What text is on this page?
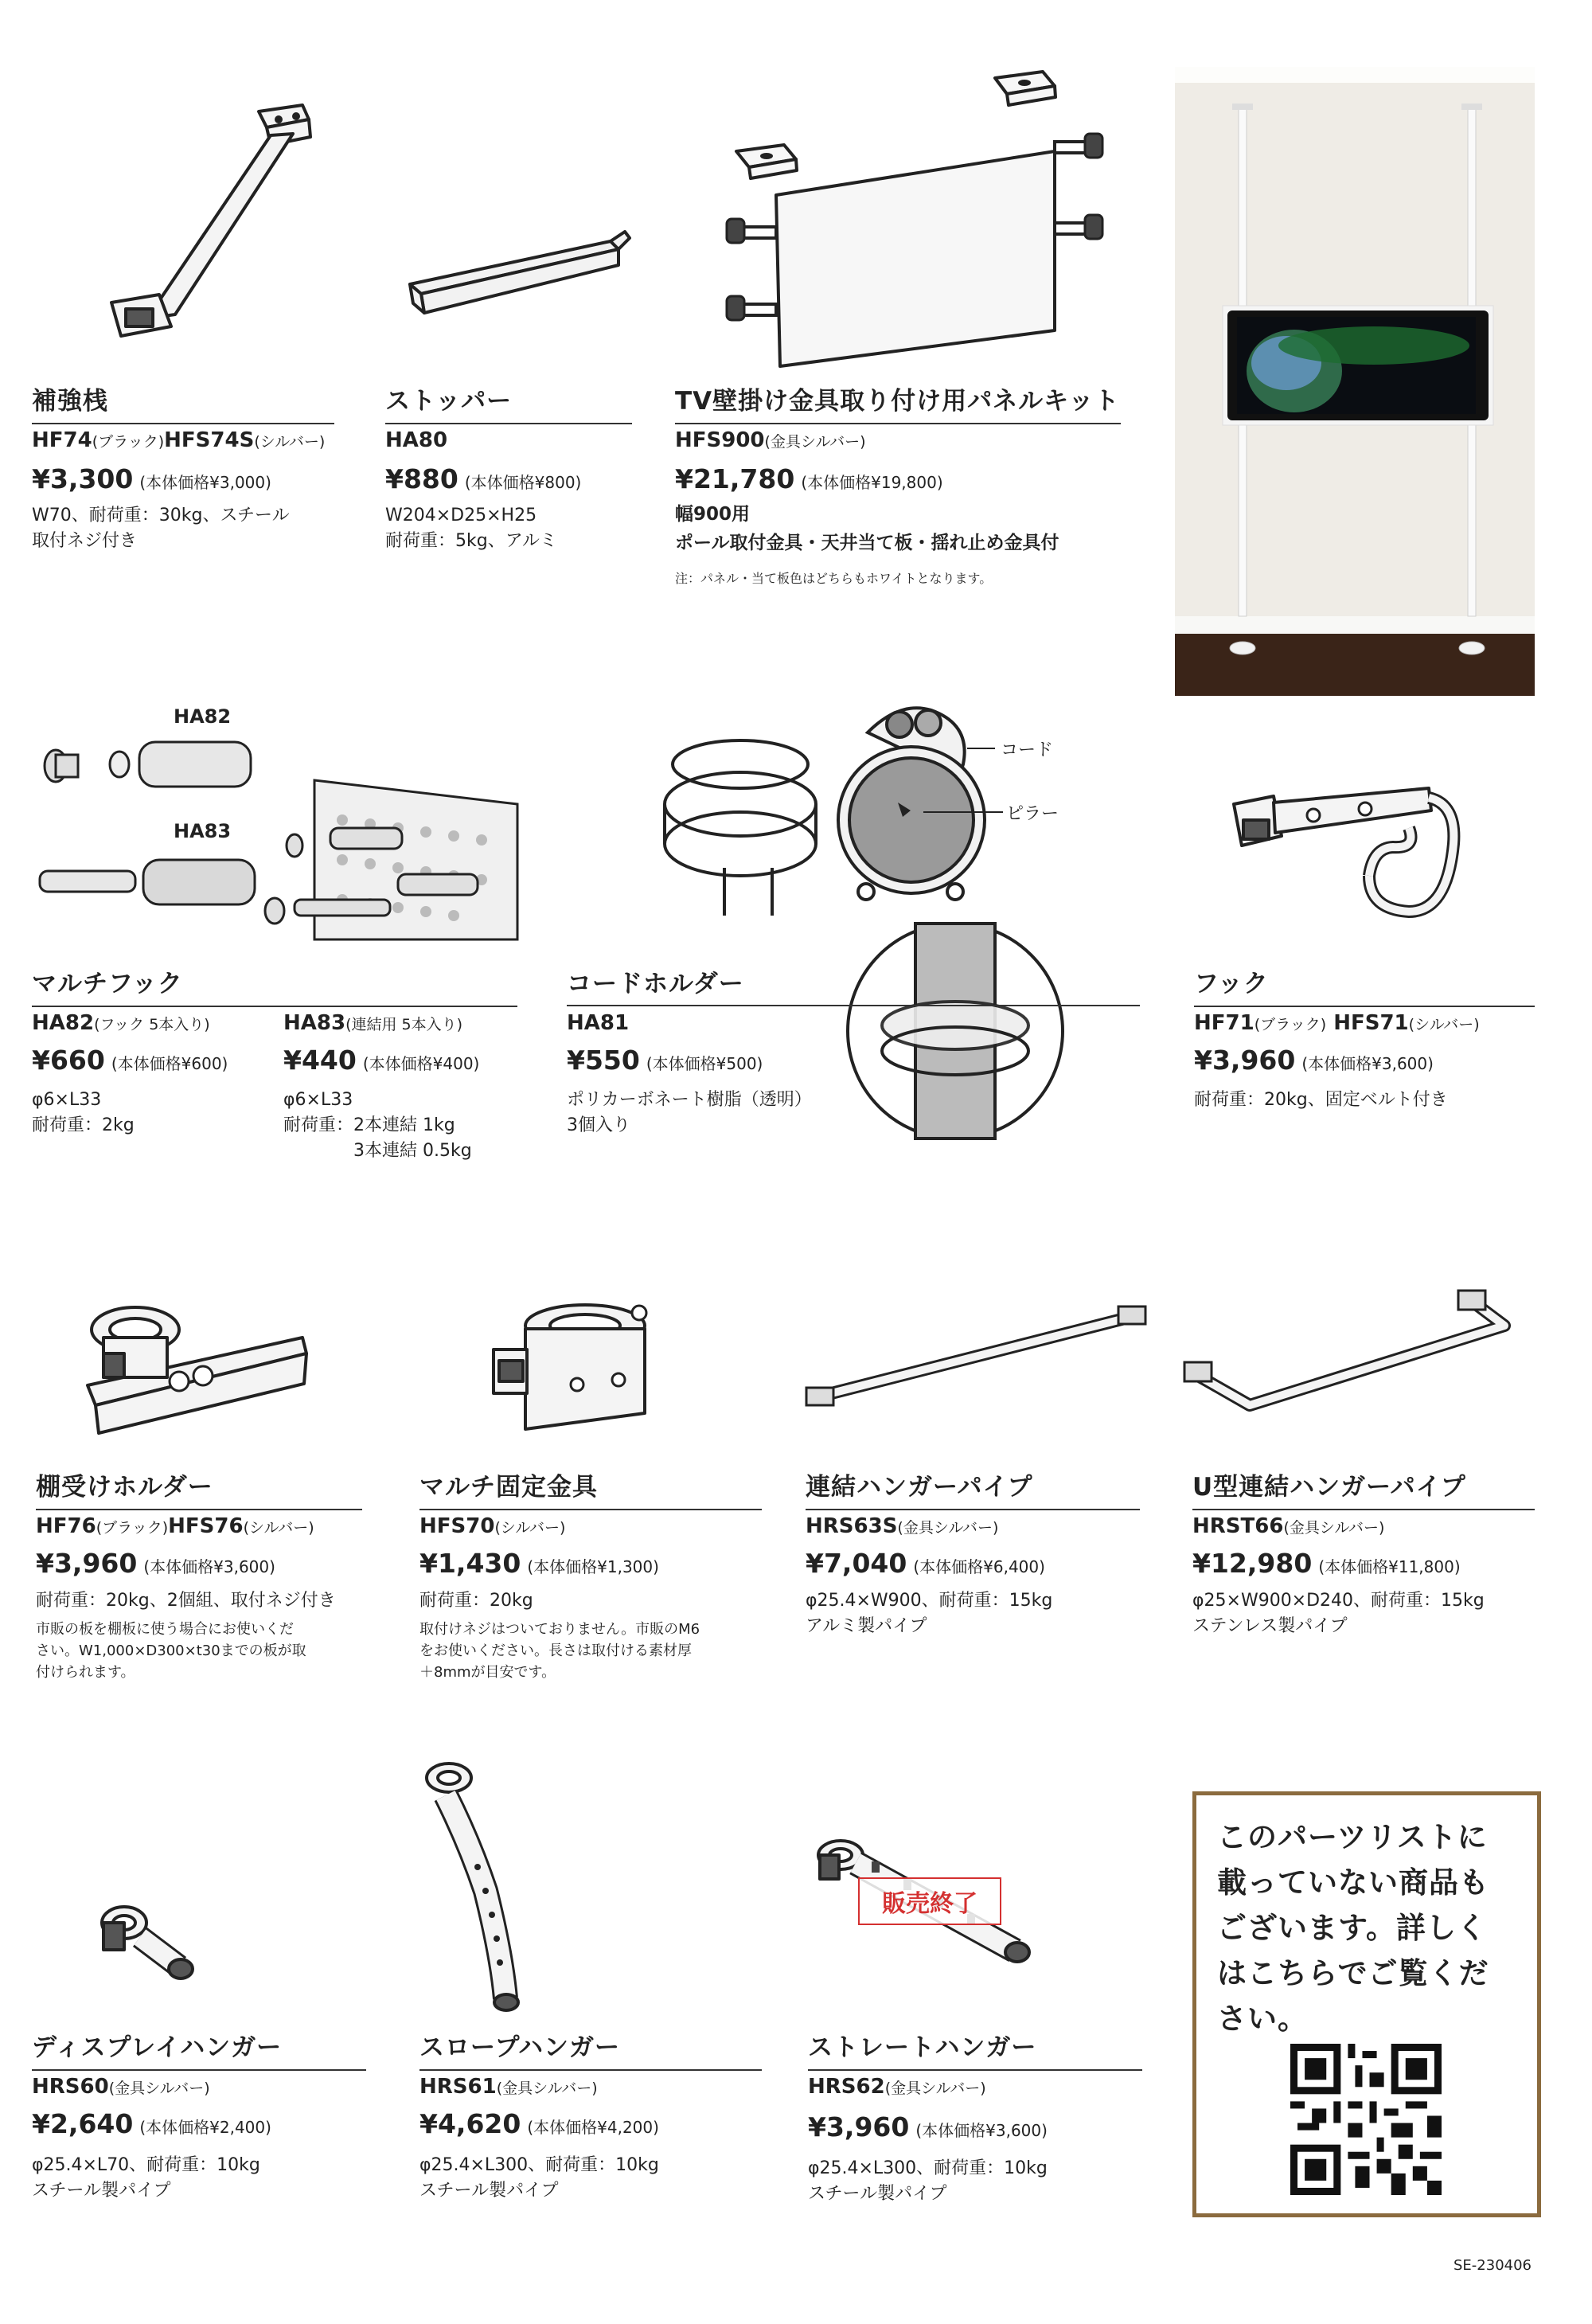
補強桟
HF74(ブラック)HFS74S(シルバー)
¥3,300 (本体価格¥3,000)
W70、耐荷重：30kg、スチール
取付ネジ付き
ストッパー
HA80
¥880 (本体価格¥800)
W204×D25×H25
耐荷重：5kg、アルミ
TV壁掛け金具取り付け用パネルキット
HFS900(金具シルバー)
¥21,780 (本体価格¥19,800)
幅900用
ポール取付金具・天井当て板・揺れ止め金具付
注：パネル・当て板色はどちらもホワイトとなります。
HA82
HA83
コード
ピラー
マルチフック
HA82(フック 5本入り)
¥660 (本体価格¥600)
φ6×L33
耐荷重：2kg
HA83(連結用 5本入り)
¥440 (本体価格¥400)
φ6×L33
耐荷重：2本連結 1kg
　　　　3本連結 0.5kg
コードホルダー
HA81
¥550 (本体価格¥500)
ポリカーボネート樹脂（透明）
3個入り
フック
HF71(ブラック) HFS71(シルバー)
¥3,960 (本体価格¥3,600)
耐荷重：20kg、固定ベルト付き
棚受けホルダー
HF76(ブラック)HFS76(シルバー)
¥3,960 (本体価格¥3,600)
耐荷重：20kg、2個組、取付ネジ付き
市販の板を棚板に使う場合にお使いくだ
さい。W1,000×D300×t30までの板が取
付けられます。
マルチ固定金具
HFS70(シルバー)
¥1,430 (本体価格¥1,300)
耐荷重：20kg
取付けネジはついておりません。市販のM6
をお使いください。長さは取付ける素材厚
＋8mmが目安です。
連結ハンガーパイプ
HRS63S(金具シルバー)
¥7,040 (本体価格¥6,400)
φ25.4×W900、耐荷重：15kg
アルミ製パイプ
U型連結ハンガーパイプ
HRST66(金具シルバー)
¥12,980 (本体価格¥11,800)
φ25×W900×D240、耐荷重：15kg
ステンレス製パイプ
販売終了
ディスプレイハンガー
HRS60(金具シルバー)
¥2,640 (本体価格¥2,400)
φ25.4×L70、耐荷重：10kg
スチール製パイプ
スロープハンガー
HRS61(金具シルバー)
¥4,620 (本体価格¥4,200)
φ25.4×L300、耐荷重：10kg
スチール製パイプ
ストレートハンガー
HRS62(金具シルバー)
¥3,960 (本体価格¥3,600)
φ25.4×L300、耐荷重：10kg
スチール製パイプ
このパーツリストに
載っていない商品も
ございます。詳しく
はこちらでご覧くだ
さい。
SE-230406
